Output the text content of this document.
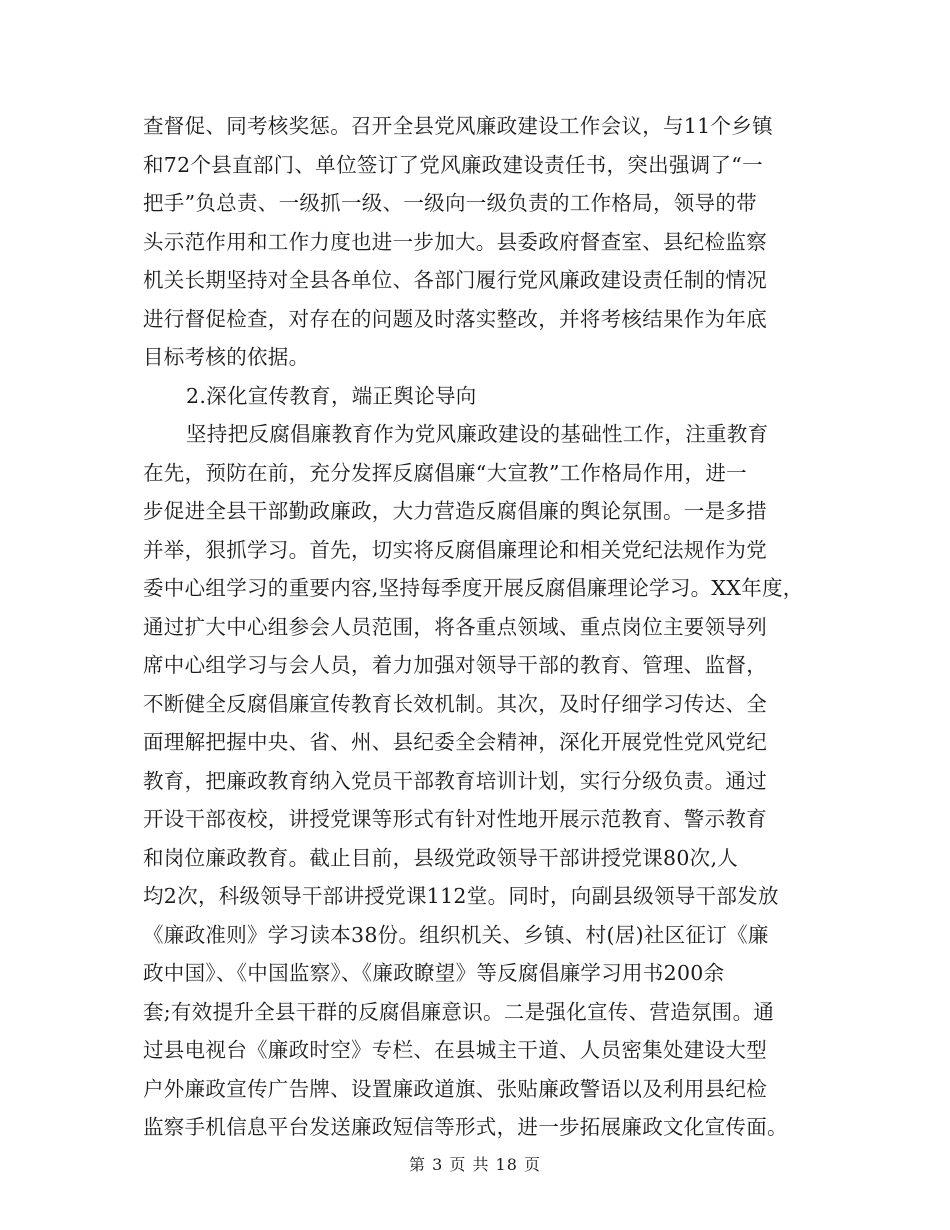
查督促、同考核奖惩。召开全县党风廉政建设工作会议，与11个乡镇
和72个县直部门、单位签订了党风廉政建设责任书，突出强调了“一
把手”负总责、一级抓一级、一级向一级负责的工作格局，领导的带
头示范作用和工作力度也进一步加大。县委政府督查室、县纪检监察
机关长期坚持对全县各单位、各部门履行党风廉政建设责任制的情况
进行督促检查，对存在的问题及时落实整改，并将考核结果作为年底
目标考核的依据。
2.深化宣传教育，端正舆论导向
坚持把反腐倡廉教育作为党风廉政建设的基础性工作，注重教育
在先，预防在前，充分发挥反腐倡廉“大宣教”工作格局作用，进一
步促进全县干部勤政廉政，大力营造反腐倡廉的舆论氛围。一是多措
并举，狠抓学习。首先，切实将反腐倡廉理论和相关党纪法规作为党
委中心组学习的重要内容,坚持每季度开展反腐倡廉理论学习。XX年度，
通过扩大中心组参会人员范围，将各重点领域、重点岗位主要领导列
席中心组学习与会人员，着力加强对领导干部的教育、管理、监督，
不断健全反腐倡廉宣传教育长效机制。其次，及时仔细学习传达、全
面理解把握中央、省、州、县纪委全会精神，深化开展党性党风党纪
教育，把廉政教育纳入党员干部教育培训计划，实行分级负责。通过
开设干部夜校，讲授党课等形式有针对性地开展示范教育、警示教育
和岗位廉政教育。截止目前，县级党政领导干部讲授党课80次,人
均2次，科级领导干部讲授党课112堂。同时，向副县级领导干部发放
《廉政准则》学习读本38份。组织机关、乡镇、村(居)社区征订《廉
政中国》、《中国监察》、《廉政瞭望》等反腐倡廉学习用书200余
套;有效提升全县干群的反腐倡廉意识。二是强化宣传、营造氛围。通
过县电视台《廉政时空》专栏、在县城主干道、人员密集处建设大型
户外廉政宣传广告牌、设置廉政道旗、张贴廉政警语以及利用县纪检
监察手机信息平台发送廉政短信等形式，进一步拓展廉政文化宣传面。
第 3 页 共 18 页
